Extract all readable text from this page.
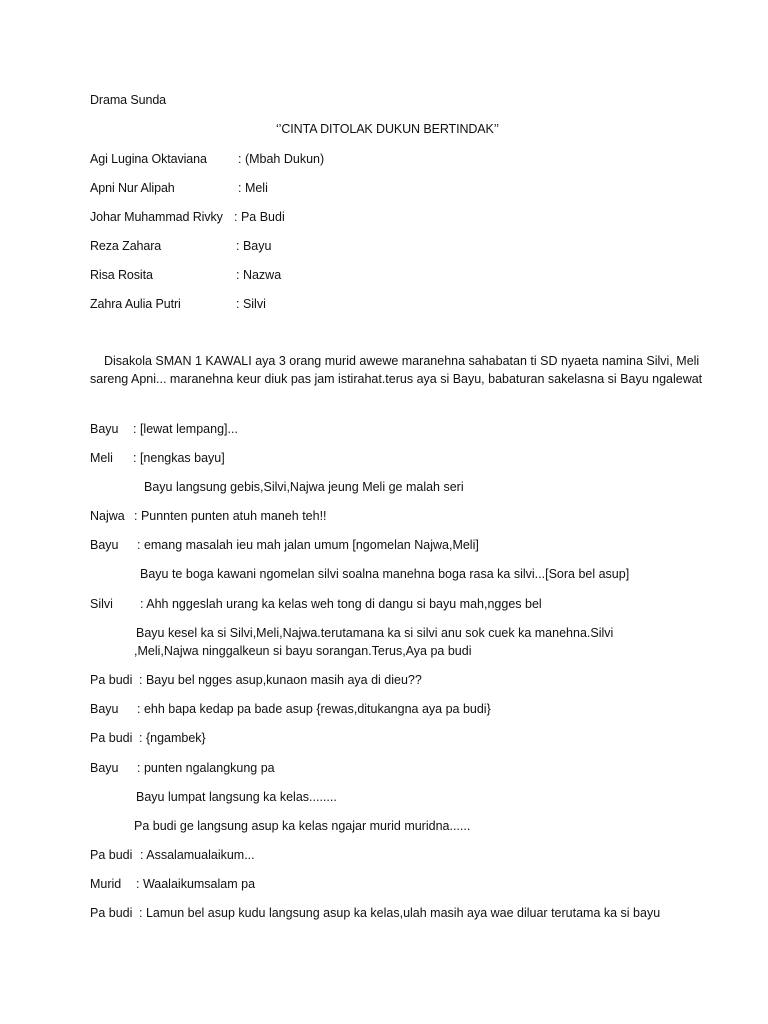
Drama Sunda
‘’CINTA DITOLAK DUKUN BERTINDAK’’
Agi Lugina Oktaviana : (Mbah Dukun)
Apni Nur Alipah	: Meli
Johar Muhammad Rivky : Pa Budi
Reza Zahara	: Bayu
Risa Rosita	: Nazwa
Zahra Aulia Putri	: Silvi
Disakola SMAN 1 KAWALI aya 3 orang murid awewe maranehna sahabatan ti SD nyaeta namina Silvi, Meli sareng Apni... maranehna keur diuk pas jam istirahat.terus aya si Bayu, babaturan sakelasna si Bayu ngalewat
Bayu : [lewat lempang]...
Meli : [nengkas bayu]
Bayu langsung gebis,Silvi,Najwa jeung Meli ge malah seri
Najwa : Punnten punten atuh maneh teh!!
Bayu : emang masalah ieu mah jalan umum [ngomelan Najwa,Meli]
Bayu te boga kawani ngomelan silvi soalna manehna boga rasa ka silvi...[Sora bel asup]
Silvi : Ahh nggeslah urang ka kelas weh tong di dangu si bayu mah,ngges bel
Bayu kesel ka si Silvi,Meli,Najwa.terutamana ka si silvi anu sok cuek ka manehna.Silvi
,Meli,Najwa ninggalkeun si bayu sorangan.Terus,Aya pa budi
Pa budi : Bayu bel ngges asup,kunaon masih aya di dieu??
Bayu : ehh bapa kedap pa bade asup {rewas,ditukangna aya pa budi}
Pa budi : {ngambek}
Bayu : punten ngalangkung pa
Bayu lumpat langsung ka kelas........
Pa budi ge langsung asup ka kelas ngajar murid muridna......
Pa budi : Assalamualaikum...
Murid : Waalaikumsalam pa
Pa budi : Lamun bel asup kudu langsung asup ka kelas,ulah masih aya wae diluar terutama ka si bayu
